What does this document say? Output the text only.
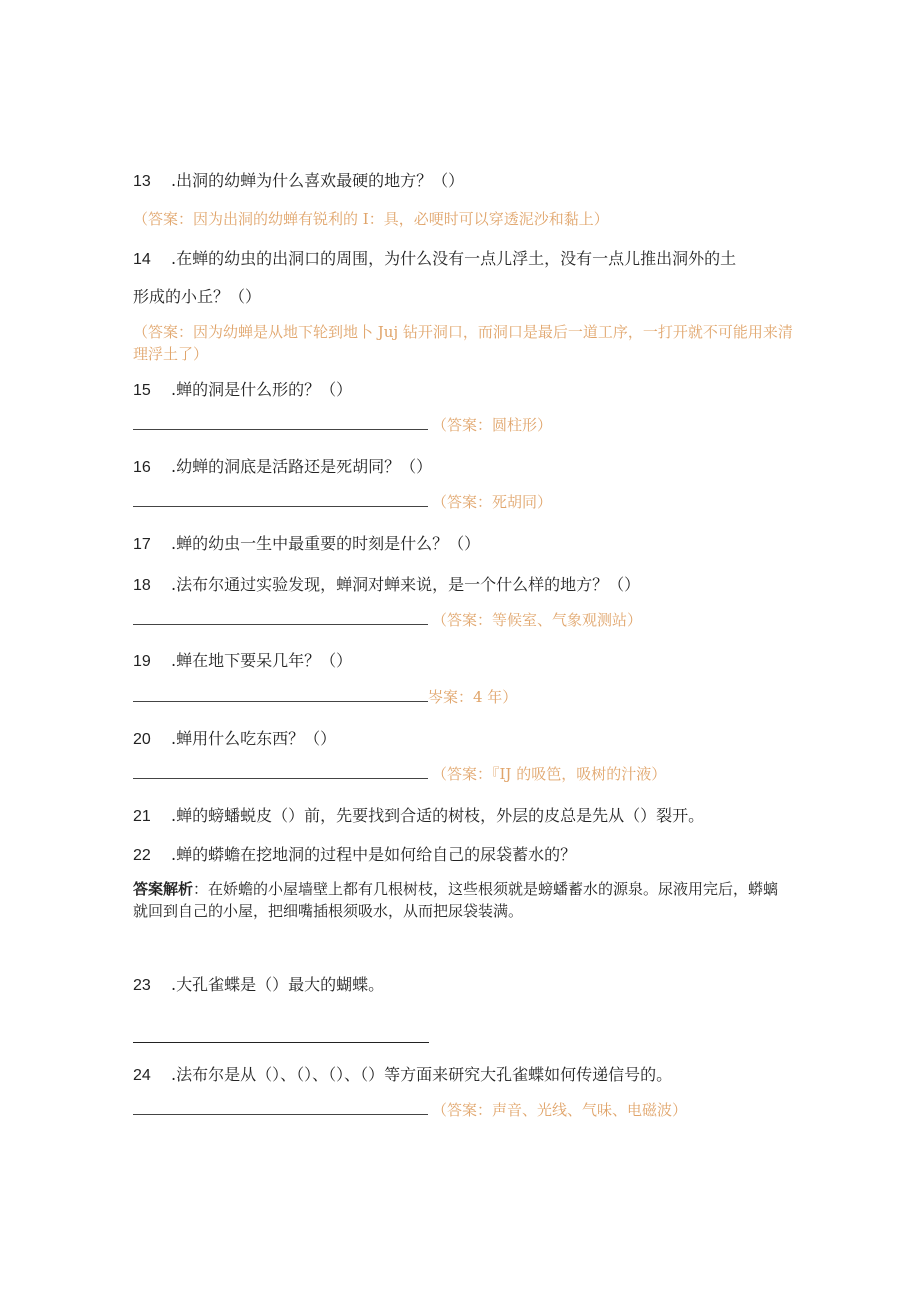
13 .出洞的幼蝉为什么喜欢最硬的地方？（）
（答案：因为出洞的幼蝉有锐利的 I：具，必哽时可以穿透泥沙和黏上）
14 .在蝉的幼虫的出洞口的周围，为什么没有一点儿浮土，没有一点儿推出洞外的土
形成的小丘？（）
（答案：因为幼蝉是从地下轮到地卜 Juj 钻开洞口，而洞口是最后一道工序，一打开就不可能用来清理浮土了）
15 .蝉的洞是什么形的？（）
（答案：圆柱形）
16 .幼蝉的洞底是活路还是死胡同？（）
（答案：死胡同）
17 .蝉的幼虫一生中最重要的时刻是什么？（）
18 .法布尔通过实验发现，蝉洞对蝉来说，是一个什么样的地方？（）
（答案：等候室、气象观测站）
19 .蝉在地下要呆几年？（）
岑案：4 年）
20 .蝉用什么吃东西？（）
（答案：『IJ 的吸笆，吸树的汁液）
21 .蝉的螃蟠蜕皮（）前，先要找到合适的树枝，外层的皮总是先从（）裂开。
22 .蝉的蟒蟾在挖地洞的过程中是如何给自己的尿袋蓄水的？
答案解析：在娇蟾的小屋墙壁上都有几根树枝，这些根须就是螃蟠蓄水的源泉。尿液用完后，蟒螭就回到自己的小屋，把细嘴插根须吸水，从而把尿袋装满。
23 .大孔雀蝶是（）最大的蝴蝶。
24 .法布尔是从（）、（）、（）、（）等方面来研究大孔雀蝶如何传递信号的。
（答案：声音、光线、气味、电磁波）
